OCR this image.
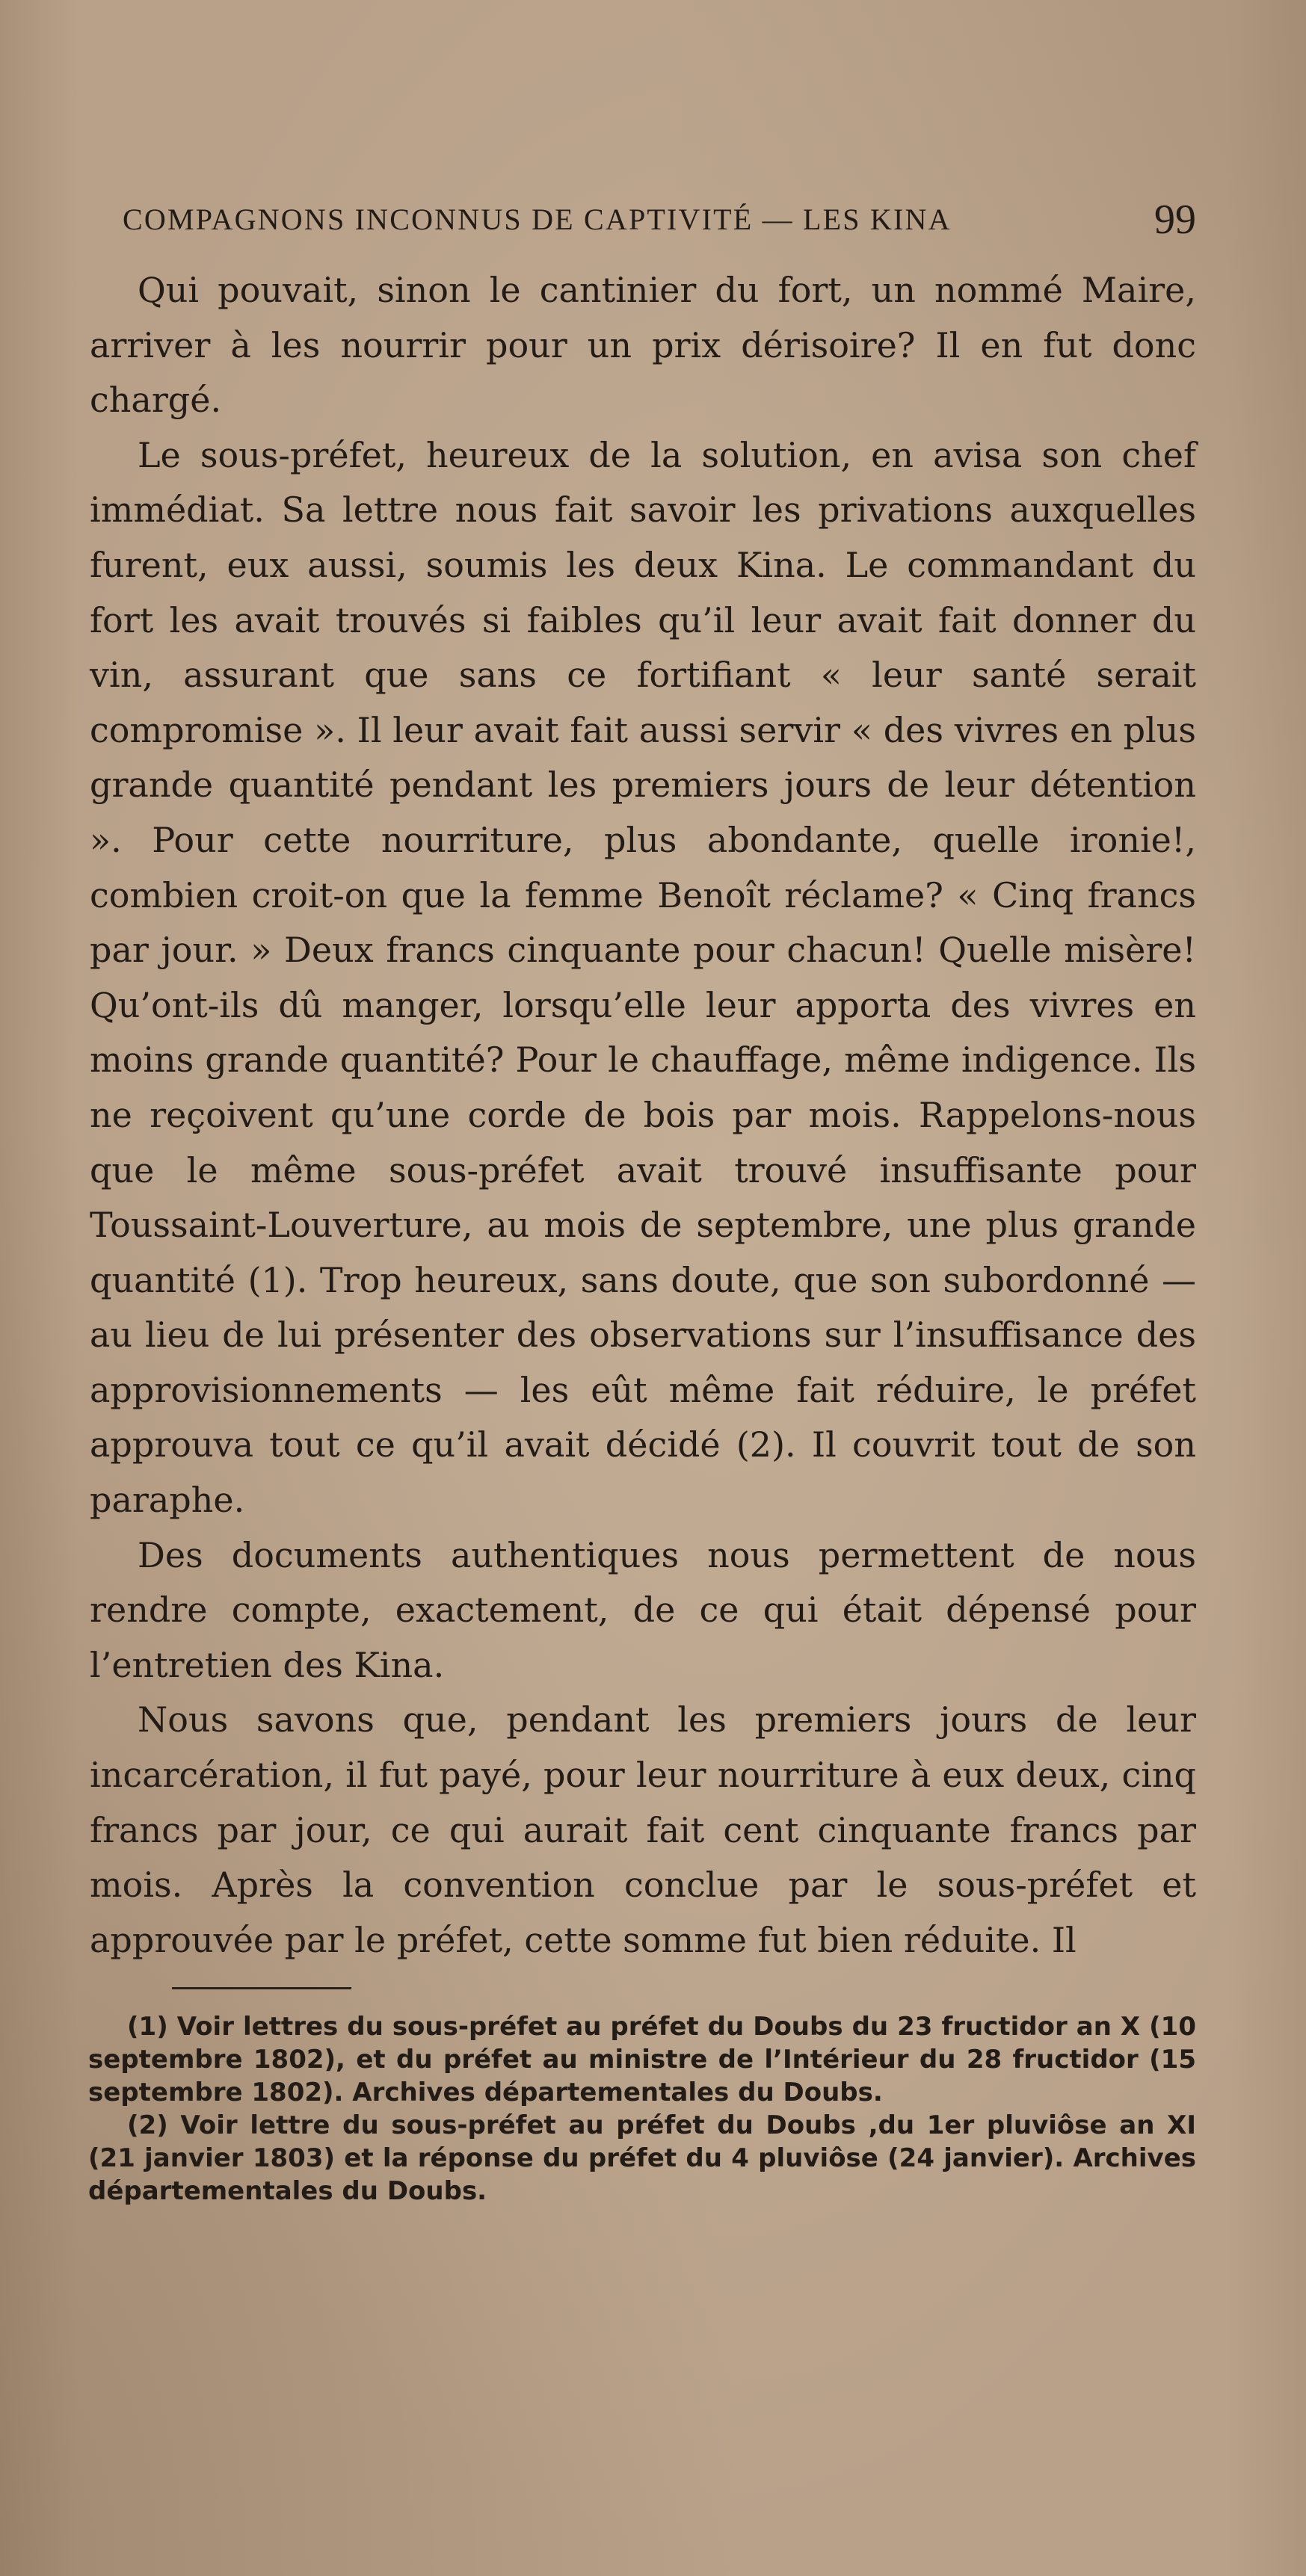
COMPAGNONS INCONNUS DE CAPTIVITÉ — LES KINA	99

Qui pouvait, sinon le cantinier du fort, un nommé Maire, arriver à les nourrir pour un prix dérisoire? Il en fut donc chargé.

Le sous-préfet, heureux de la solution, en avisa son chef immédiat. Sa lettre nous fait savoir les privations auxquelles furent, eux aussi, soumis les deux Kina. Le commandant du fort les avait trouvés si faibles qu’il leur avait fait donner du vin, assurant que sans ce fortifiant « leur santé serait compromise ». Il leur avait fait aussi servir « des vivres en plus grande quantité pendant les premiers jours de leur détention ». Pour cette nourriture, plus abondante, quelle ironie!, combien croit-on que la femme Benoît réclame? « Cinq francs par jour. » Deux francs cinquante pour chacun! Quelle misère! Qu’ont-ils dû manger, lorsqu’elle leur apporta des vivres en moins grande quantité? Pour le chauffage, même indigence. Ils ne reçoivent qu’une corde de bois par mois. Rappelons-nous que le même sous-préfet avait trouvé insuffisante pour Toussaint-Louverture, au mois de septembre, une plus grande quantité (1). Trop heureux, sans doute, que son subordonné — au lieu de lui présenter des observations sur l’insuffisance des approvisionnements — les eût même fait réduire, le préfet approuva tout ce qu’il avait décidé (2). Il couvrit tout de son paraphe.

Des documents authentiques nous permettent de nous rendre compte, exactement, de ce qui était dépensé pour l’entretien des Kina.

Nous savons que, pendant les premiers jours de leur incarcération, il fut payé, pour leur nourriture à eux deux, cinq francs par jour, ce qui aurait fait cent cinquante francs par mois. Après la convention conclue par le sous-préfet et approuvée par le préfet, cette somme fut bien réduite. Il

(1) Voir lettres du sous-préfet au préfet du Doubs du 23 fructidor an X (10 septembre 1802), et du préfet au ministre de l’Intérieur du 28 fructidor (15 septembre 1802). Archives départementales du Doubs.

(2) Voir lettre du sous-préfet au préfet du Doubs ,du 1er pluviôse an XI (21 janvier 1803) et la réponse du préfet du 4 pluviôse (24 janvier). Archives départementales du Doubs.
